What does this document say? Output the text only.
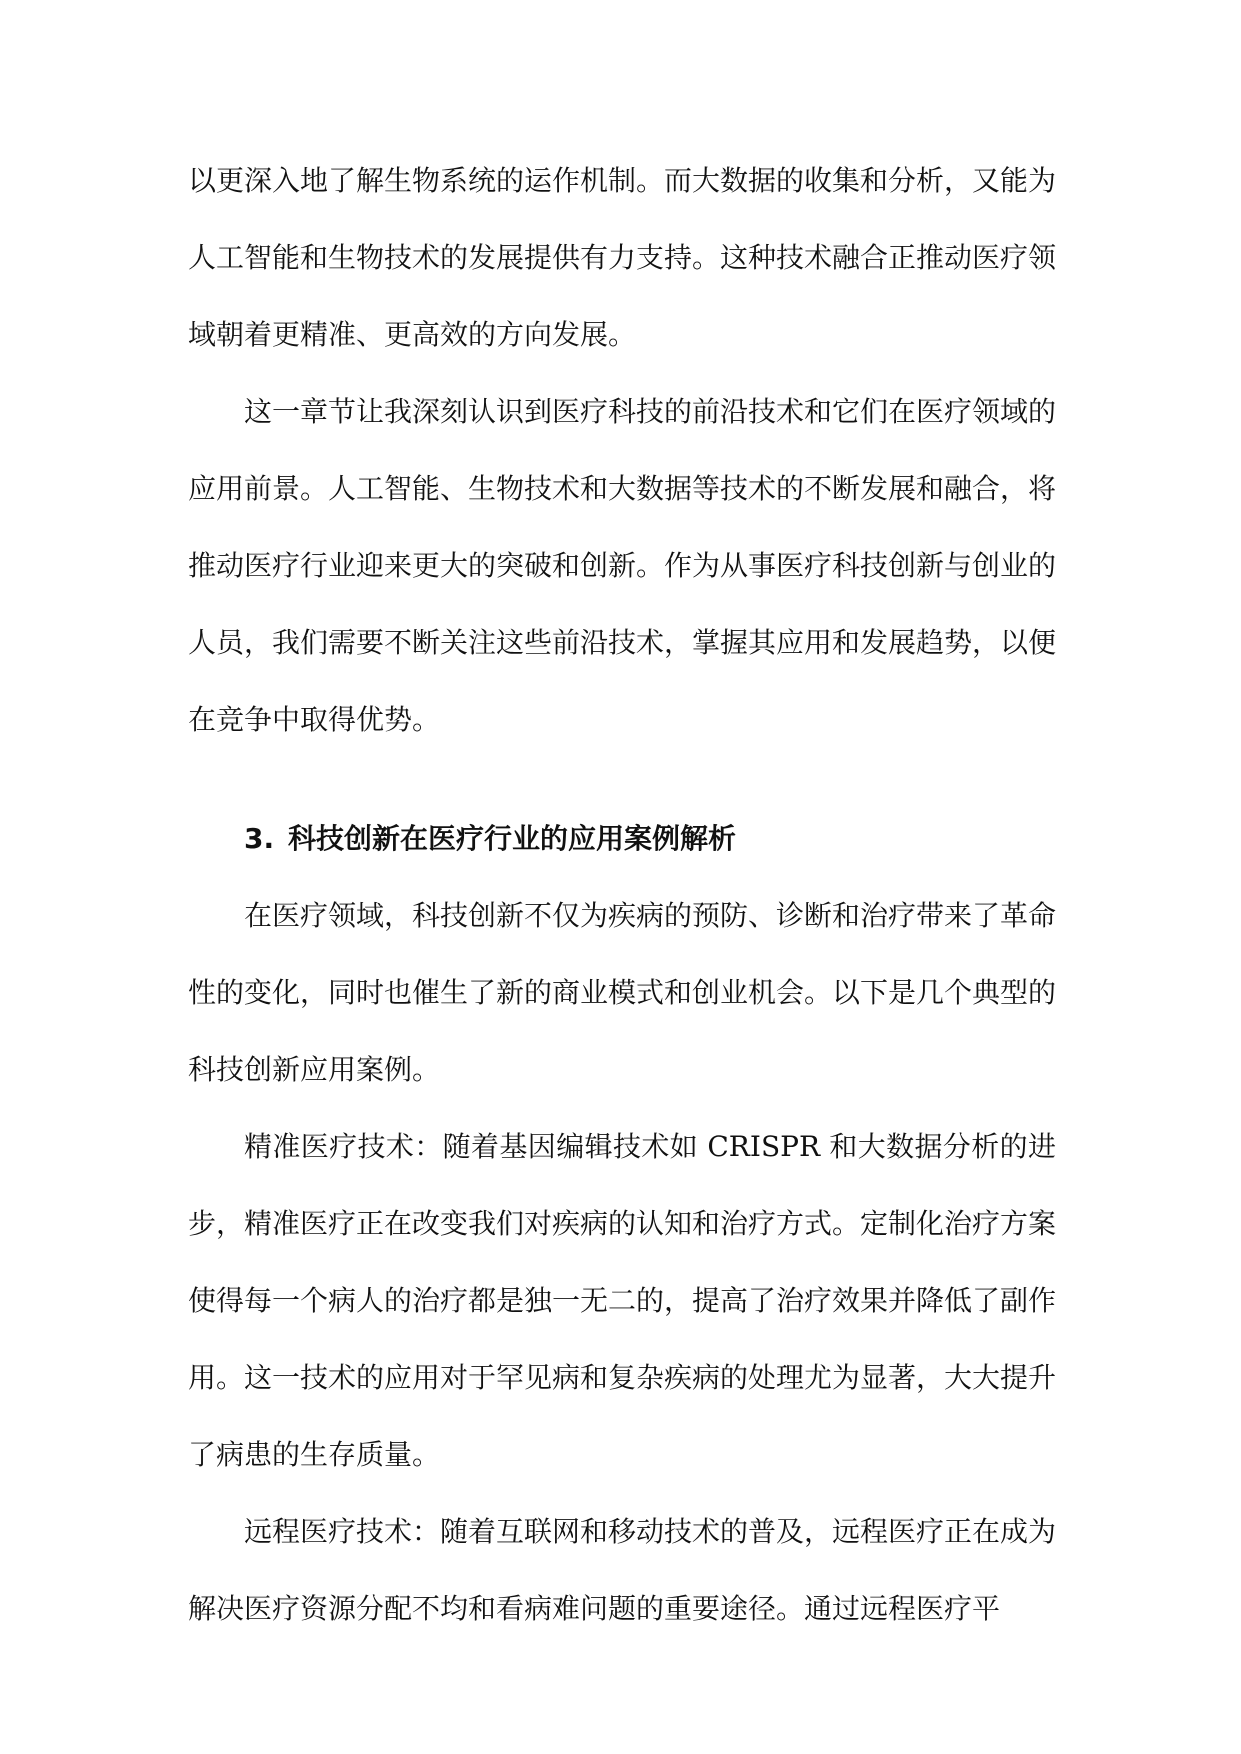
以更深入地了解生物系统的运作机制。而大数据的收集和分析，又能为人工智能和生物技术的发展提供有力支持。这种技术融合正推动医疗领域朝着更精准、更高效的方向发展。

这一章节让我深刻认识到医疗科技的前沿技术和它们在医疗领域的应用前景。人工智能、生物技术和大数据等技术的不断发展和融合，将推动医疗行业迎来更大的突破和创新。作为从事医疗科技创新与创业的人员，我们需要不断关注这些前沿技术，掌握其应用和发展趋势，以便在竞争中取得优势。

3. 科技创新在医疗行业的应用案例解析

在医疗领域，科技创新不仅为疾病的预防、诊断和治疗带来了革命性的变化，同时也催生了新的商业模式和创业机会。以下是几个典型的科技创新应用案例。

精准医疗技术：随着基因编辑技术如 CRISPR 和大数据分析的进步，精准医疗正在改变我们对疾病的认知和治疗方式。定制化治疗方案使得每一个病人的治疗都是独一无二的，提高了治疗效果并降低了副作用。这一技术的应用对于罕见病和复杂疾病的处理尤为显著，大大提升了病患的生存质量。

远程医疗技术：随着互联网和移动技术的普及，远程医疗正在成为解决医疗资源分配不均和看病难问题的重要途径。通过远程医疗平
